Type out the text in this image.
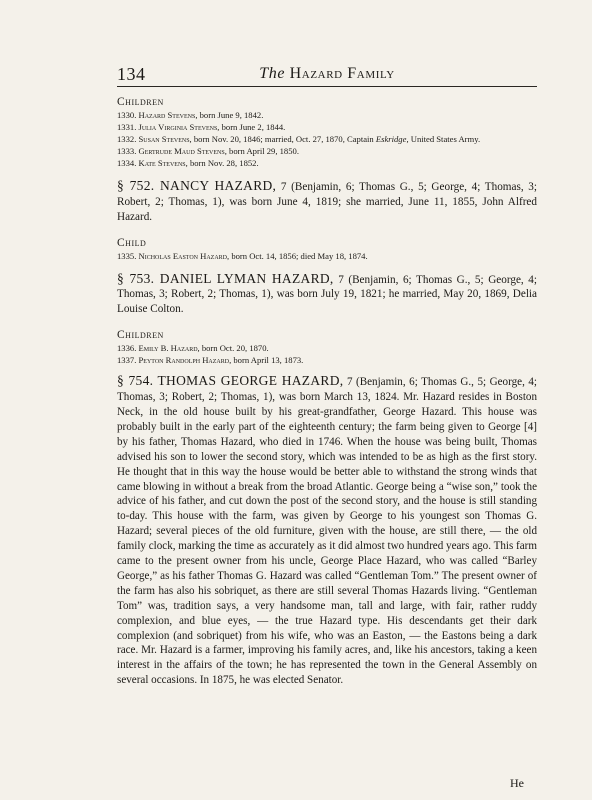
134	The Hazard Family
Children
1330. Hazard Stevens, born June 9, 1842.
1331. Julia Virginia Stevens, born June 2, 1844.
1332. Susan Stevens, born Nov. 20, 1846; married, Oct. 27, 1870, Captain Eskridge, United States Army.
1333. Gertrude Maud Stevens, born April 29, 1850.
1334. Kate Stevens, born Nov. 28, 1852.

§ 752. NANCY HAZARD, 7 (Benjamin, 6; Thomas G., 5; George, 4; Thomas, 3; Robert, 2; Thomas, 1), was born June 4, 1819; she married, June 11, 1855, John Alfred Hazard.

Child
1335. Nicholas Easton Hazard, born Oct. 14, 1856; died May 18, 1874.

§ 753. DANIEL LYMAN HAZARD, 7 (Benjamin, 6; Thomas G., 5; George, 4; Thomas, 3; Robert, 2; Thomas, 1), was born July 19, 1821; he married, May 20, 1869, Delia Louise Colton.

Children
1336. Emily B. Hazard, born Oct. 20, 1870.
1337. Peyton Randolph Hazard, born April 13, 1873.

§ 754. THOMAS GEORGE HAZARD, 7 (Benjamin, 6; Thomas G., 5; George, 4; Thomas, 3; Robert, 2; Thomas, 1), was born March 13, 1824. Mr. Hazard resides in Boston Neck, in the old house built by his great-grandfather, George Hazard. This house was probably built in the early part of the eighteenth century; the farm being given to George [4] by his father, Thomas Hazard, who died in 1746. When the house was being built, Thomas advised his son to lower the second story, which was intended to be as high as the first story. He thought that in this way the house would be better able to withstand the strong winds that came blowing in without a break from the broad Atlantic. George being a “wise son,” took the advice of his father, and cut down the post of the second story, and the house is still standing to-day. This house with the farm, was given by George to his youngest son Thomas G. Hazard; several pieces of the old furniture, given with the house, are still there, — the old family clock, marking the time as accurately as it did almost two hundred years ago. This farm came to the present owner from his uncle, George Place Hazard, who was called “Barley George,” as his father Thomas G. Hazard was called “Gentleman Tom.” The present owner of the farm has also his sobriquet, as there are still several Thomas Hazards living. “Gentleman Tom” was, tradition says, a very handsome man, tall and large, with fair, rather ruddy complexion, and blue eyes, — the true Hazard type. His descendants get their dark complexion (and sobriquet) from his wife, who was an Easton, — the Eastons being a dark race. Mr. Hazard is a farmer, improving his family acres, and, like his ancestors, taking a keen interest in the affairs of the town; he has represented the town in the General Assembly on several occasions. In 1875, he was elected Senator.

He
